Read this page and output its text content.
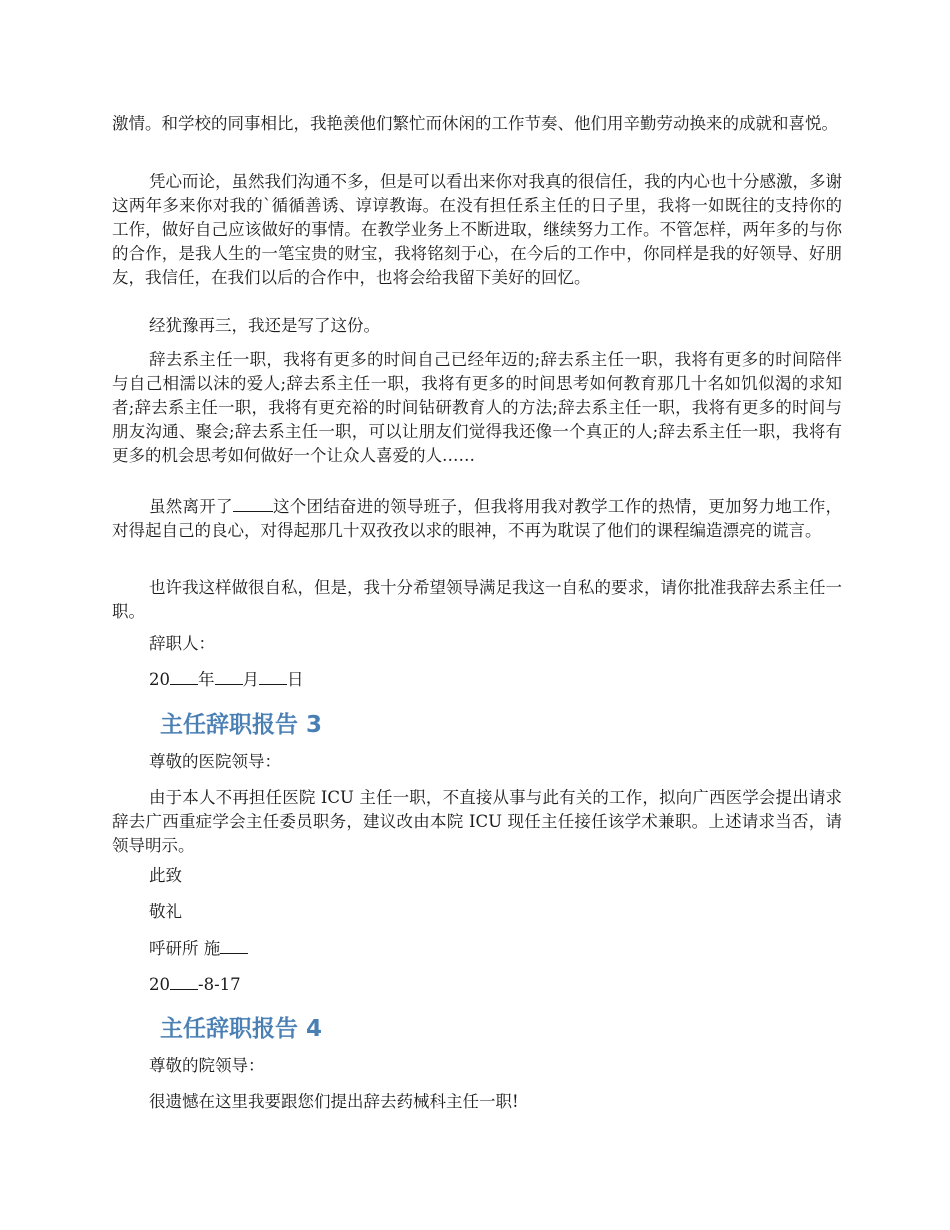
激情。和学校的同事相比，我艳羡他们繁忙而休闲的工作节奏、他们用辛勤劳动换来的成就和喜悦。

凭心而论，虽然我们沟通不多，但是可以看出来你对我真的很信任，我的内心也十分感激，多谢这两年多来你对我的`循循善诱、谆谆教诲。在没有担任系主任的日子里，我将一如既往的支持你的工作，做好自己应该做好的事情。在教学业务上不断进取，继续努力工作。不管怎样，两年多的与你的合作，是我人生的一笔宝贵的财宝，我将铭刻于心，在今后的工作中，你同样是我的好领导、好朋友，我信任，在我们以后的合作中，也将会给我留下美好的回忆。

经犹豫再三，我还是写了这份。

辞去系主任一职，我将有更多的时间自己已经年迈的;辞去系主任一职，我将有更多的时间陪伴与自己相濡以沫的爱人;辞去系主任一职，我将有更多的时间思考如何教育那几十名如饥似渴的求知者;辞去系主任一职，我将有更充裕的时间钻研教育人的方法;辞去系主任一职，我将有更多的时间与朋友沟通、聚会;辞去系主任一职，可以让朋友们觉得我还像一个真正的人;辞去系主任一职，我将有更多的机会思考如何做好一个让众人喜爱的人……

虽然离开了 这个团结奋进的领导班子，但我将用我对教学工作的热情，更加努力地工作，对得起自己的良心，对得起那几十双孜孜以求的眼神，不再为耽误了他们的课程编造漂亮的谎言。

也许我这样做很自私，但是，我十分希望领导满足我这一自私的要求，请你批准我辞去系主任一职。

辞职人：

20 年 月 日

主任辞职报告 3

尊敬的医院领导：

由于本人不再担任医院 ICU 主任一职，不直接从事与此有关的工作，拟向广西医学会提出请求辞去广西重症学会主任委员职务，建议改由本院 ICU 现任主任接任该学术兼职。上述请求当否，请领导明示。

此致

敬礼

呼研所 施

20 -8-17

主任辞职报告 4

尊敬的院领导：

很遗憾在这里我要跟您们提出辞去药械科主任一职!
